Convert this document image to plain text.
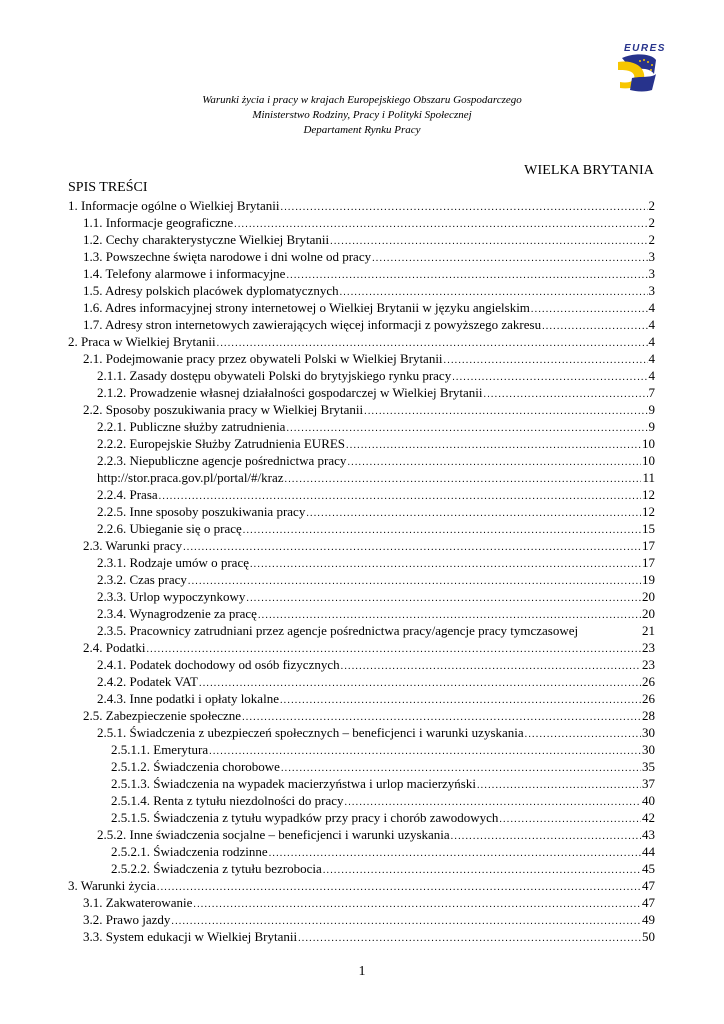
EURES
Warunki życia i pracy w krajach Europejskiego Obszaru Gospodarczego
Ministerstwo Rodziny, Pracy i Polityki Społecznej
Departament Rynku Pracy
WIELKA BRYTANIA
SPIS TREŚCI
1. Informacje ogólne o Wielkiej Brytanii .....	2
1.1. Informacje geograficzne .....	2
1.2. Cechy charakterystyczne Wielkiej Brytanii .....	2
1.3. Powszechne święta narodowe i dni wolne od pracy .....	3
1.4. Telefony alarmowe i informacyjne .....	3
1.5. Adresy polskich placówek dyplomatycznych .....	3
1.6. Adres informacyjnej strony internetowej o Wielkiej Brytanii w języku angielskim .....	4
1.7. Adresy stron internetowych zawierających więcej informacji z powyższego zakresu .....	4
2. Praca w Wielkiej Brytanii .....	4
2.1. Podejmowanie pracy przez obywateli Polski w Wielkiej Brytanii .....	4
2.1.1. Zasady dostępu obywateli Polski do brytyjskiego rynku pracy .....	4
2.1.2. Prowadzenie własnej działalności gospodarczej w Wielkiej Brytanii .....	7
2.2. Sposoby poszukiwania pracy w Wielkiej Brytanii .....	9
2.2.1. Publiczne służby zatrudnienia .....	9
2.2.2. Europejskie Służby Zatrudnienia EURES .....	10
2.2.3. Niepubliczne agencje pośrednictwa pracy .....	10
http://stor.praca.gov.pl/portal/#/kraz .....	11
2.2.4. Prasa .....	12
2.2.5. Inne sposoby poszukiwania pracy .....	12
2.2.6. Ubieganie się o pracę .....	15
2.3. Warunki pracy .....	17
2.3.1. Rodzaje umów o pracę .....	17
2.3.2. Czas pracy .....	19
2.3.3. Urlop wypoczynkowy .....	20
2.3.4. Wynagrodzenie za pracę .....	20
2.3.5. Pracownicy zatrudniani przez agencje pośrednictwa pracy/agencje pracy tymczasowej	21
2.4. Podatki .....	23
2.4.1. Podatek dochodowy od osób fizycznych .....	23
2.4.2. Podatek VAT .....	26
2.4.3. Inne podatki i opłaty lokalne .....	26
2.5. Zabezpieczenie społeczne .....	28
2.5.1. Świadczenia z ubezpieczeń społecznych – beneficjenci i warunki uzyskania .....	30
2.5.1.1. Emerytura .....	30
2.5.1.2. Świadczenia chorobowe .....	35
2.5.1.3. Świadczenia na wypadek macierzyństwa i urlop macierzyński .....	37
2.5.1.4. Renta z tytułu niezdolności do pracy .....	40
2.5.1.5. Świadczenia z tytułu wypadków przy pracy i chorób zawodowych .....	42
2.5.2. Inne świadczenia socjalne – beneficjenci i warunki uzyskania .....	43
2.5.2.1. Świadczenia rodzinne .....	44
2.5.2.2. Świadczenia z tytułu bezrobocia .....	45
3. Warunki życia .....	47
3.1. Zakwaterowanie .....	47
3.2. Prawo jazdy .....	49
3.3. System edukacji w Wielkiej Brytanii .....	50
1
